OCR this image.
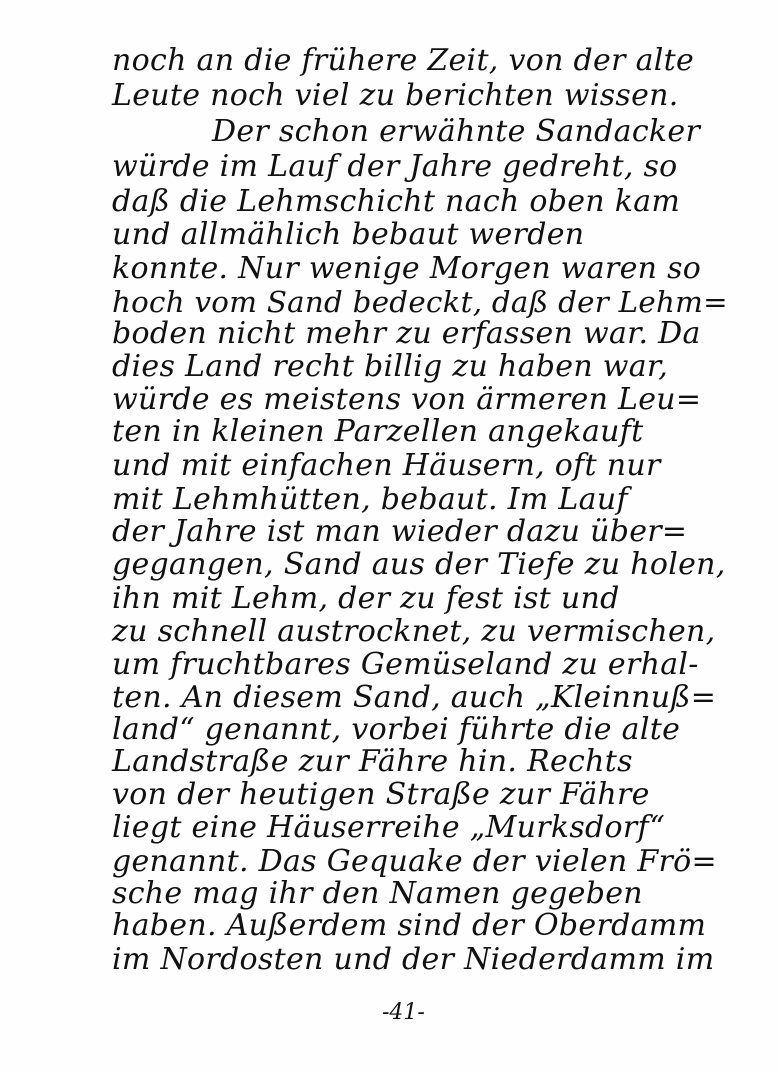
noch an die frühere Zeit, von der alte
Leute noch viel zu berichten wissen.
Der schon erwähnte Sandacker
würde im Lauf der Jahre gedreht, so
daß die Lehmschicht nach oben kam
und allmählich bebaut werden
konnte. Nur wenige Morgen waren so
hoch vom Sand bedeckt, daß der Lehm=
boden nicht mehr zu erfassen war. Da
dies Land recht billig zu haben war,
würde es meistens von ärmeren Leu=
ten in kleinen Parzellen angekauft
und mit einfachen Häusern, oft nur
mit Lehmhütten, bebaut. Im Lauf
der Jahre ist man wieder dazu über=
gegangen, Sand aus der Tiefe zu holen,
ihn mit Lehm, der zu fest ist und
zu schnell austrocknet, zu vermischen,
um fruchtbares Gemüseland zu erhal-
ten. An diesem Sand, auch „Kleinnuß=
land“ genannt, vorbei führte die alte
Landstraße zur Fähre hin. Rechts
von der heutigen Straße zur Fähre
liegt eine Häuserreihe „Murksdorf“
genannt. Das Gequake der vielen Frö=
sche mag ihr den Namen gegeben
haben. Außerdem sind der Oberdamm
im Nordosten und der Niederdamm im
-41-
